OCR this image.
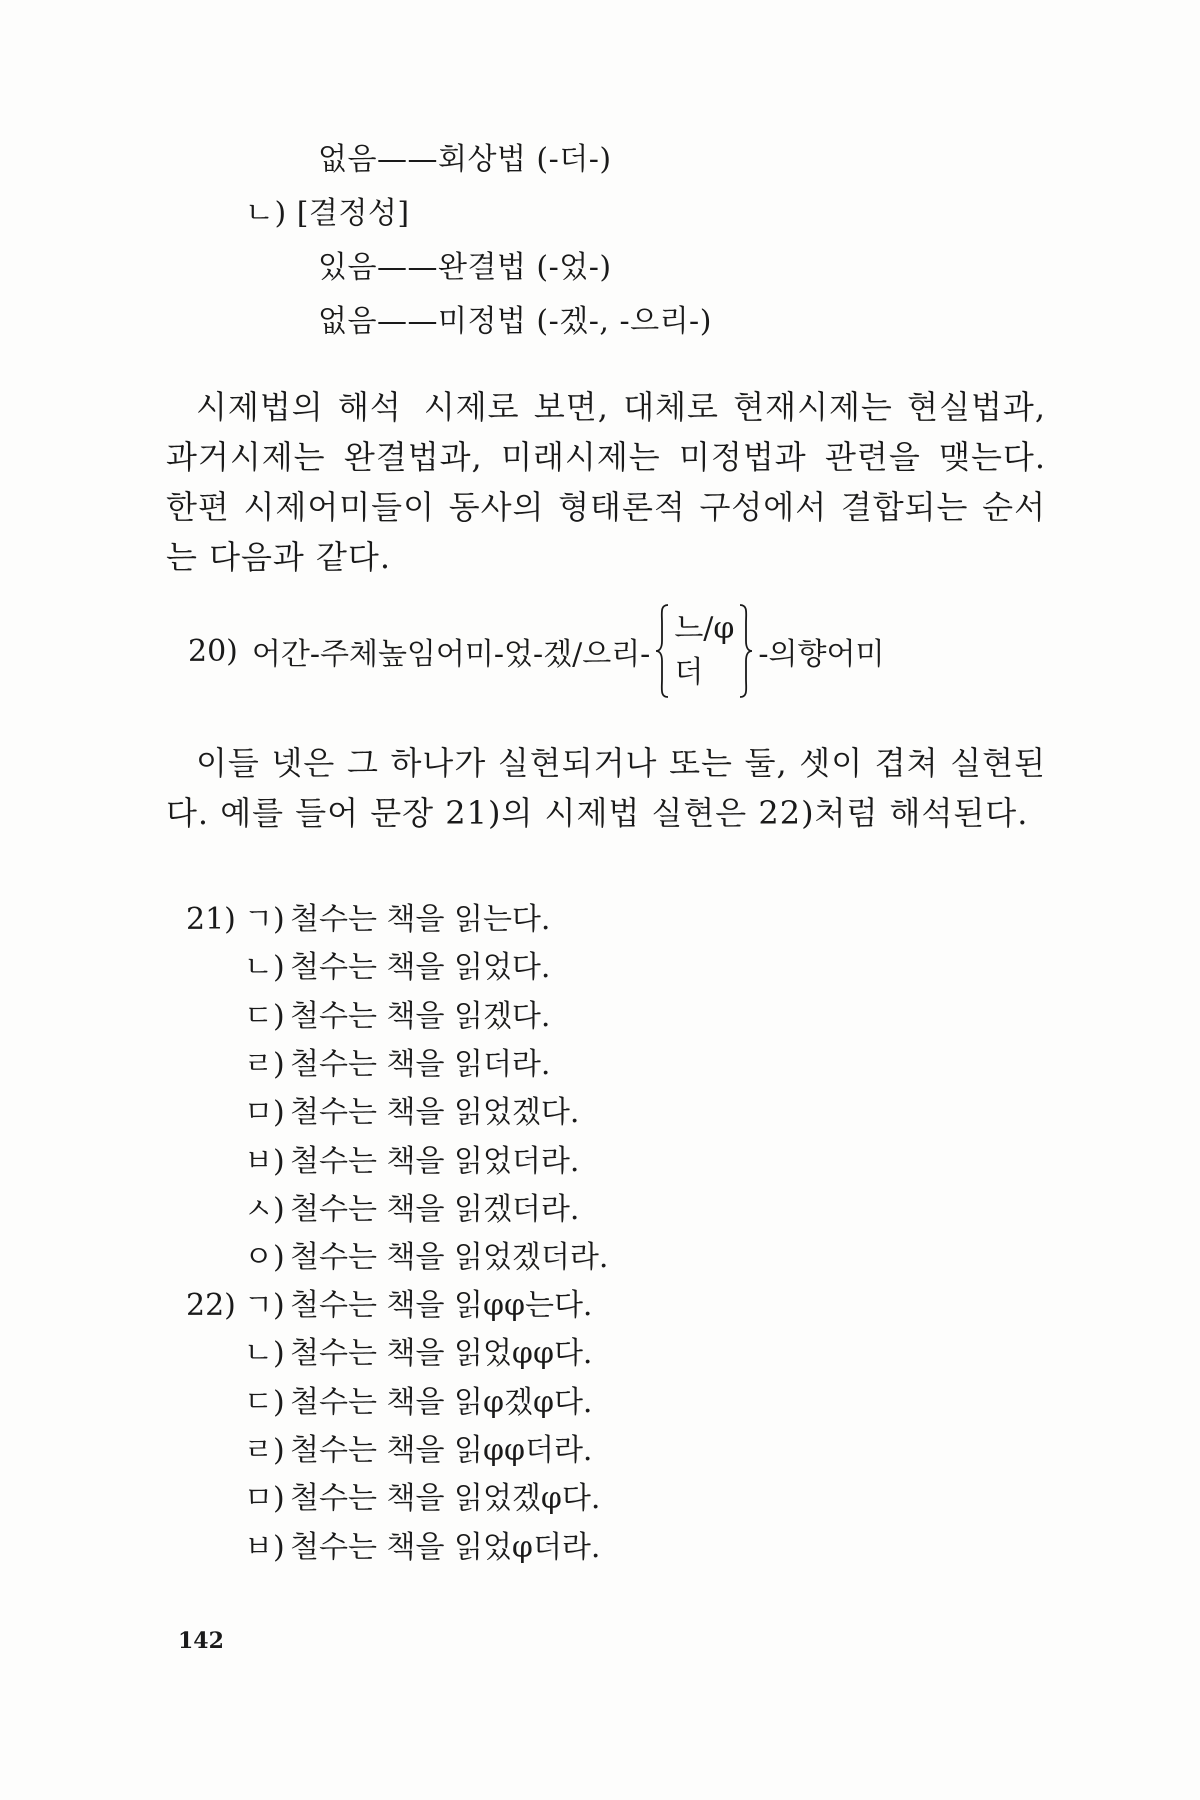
없음——회상법 (-더-)
ㄴ) [결정성]
있음——완결법 (-었-)
없음——미정법 (-겠-, -으리-)

시제법의 해석 시제로 보면, 대체로 현재시제는 현실법과, 과거시제는 완결법과, 미래시제는 미정법과 관련을 맺는다. 한편 시제어미들이 동사의 형태론적 구성에서 결합되는 순서는 다음과 같다.

20) 어간-주체높임어미-었-겠/으리-
느/φ
더
-의향어미

이들 넷은 그 하나가 실현되거나 또는 둘, 셋이 겹쳐 실현된다. 예를 들어 문장 21)의 시제법 실현은 22)처럼 해석된다.

21) ㄱ) 철수는 책을 읽는다.
ㄴ) 철수는 책을 읽었다.
ㄷ) 철수는 책을 읽겠다.
ㄹ) 철수는 책을 읽더라.
ㅁ) 철수는 책을 읽었겠다.
ㅂ) 철수는 책을 읽었더라.
ㅅ) 철수는 책을 읽겠더라.
ㅇ) 철수는 책을 읽었겠더라.
22) ㄱ) 철수는 책을 읽φφ는다.
ㄴ) 철수는 책을 읽었φφ다.
ㄷ) 철수는 책을 읽φ겠φ다.
ㄹ) 철수는 책을 읽φφ더라.
ㅁ) 철수는 책을 읽었겠φ다.
ㅂ) 철수는 책을 읽었φ더라.
142
